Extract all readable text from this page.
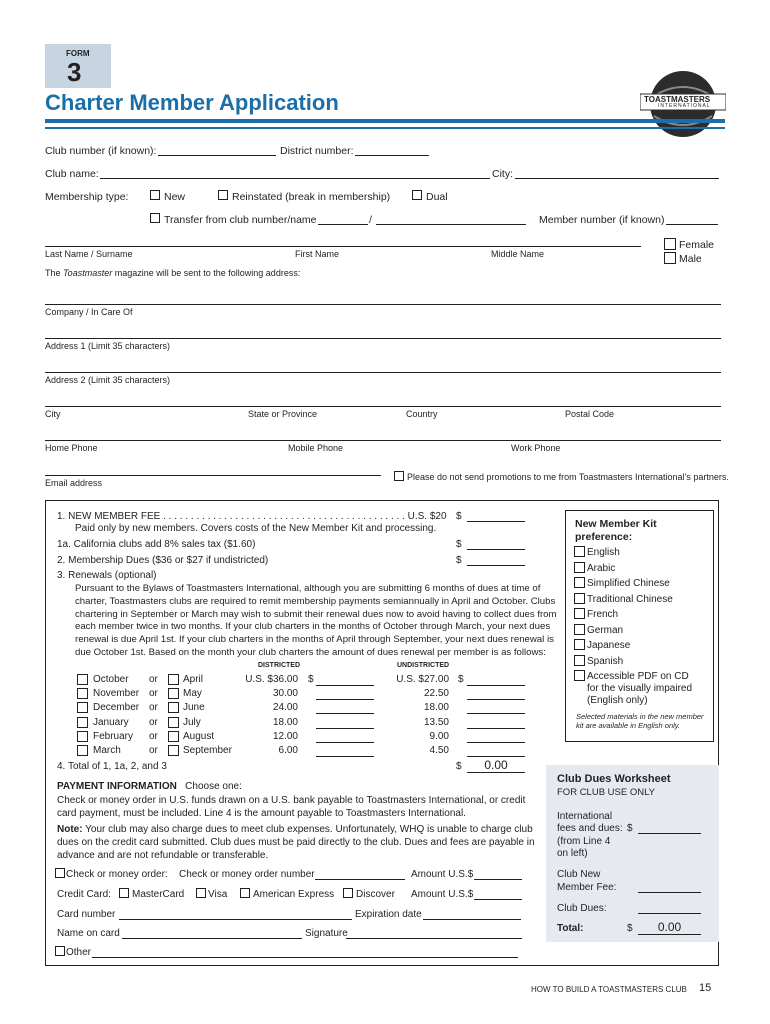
FORM
3
Charter Member Application	TOASTMASTERS
INTERNATIONAL
Club number (if known):	District number:
Club name:	City:
Membership type:	New	Reinstated (break in membership)	Dual
Transfer from club number/name	/	Member number (if known)
Last Name / Surname	First Name	Middle Name
Female
Male
The Toastmaster magazine will be sent to the following address:
Company / In Care Of
Address 1 (Limit 35 characters)
Address 2 (Limit 35 characters)
City	State or Province	Country	Postal Code
Home Phone	Mobile Phone	Work Phone
Email address
Please do not send promotions to me from Toastmasters International’s partners.
1. NEW MEMBER FEE . . . . . . . . . . . . . . . . . . . . . . . . . . . . . . . . . . . . . . . . . . . . U.S. $20 $
Paid only by new members. Covers costs of the New Member Kit and processing.
1a. California clubs add 8% sales tax ($1.60)	$
2. Membership Dues ($36 or $27 if undistricted)	$
3. Renewals (optional)
Pursuant to the Bylaws of Toastmasters International, although you are submitting 6 months of dues at time of charter, Toastmasters clubs are required to remit membership payments semiannually in April and October. Clubs chartering in September or March may wish to submit their renewal dues now to avoid having to collect dues from each member twice in two months. If your club charters in the months of October through March, your next dues renewal is due April 1st. If your club charters in the months of April through September, your next dues renewal is due October 1st. Based on the month your club charters the amount of dues renewal per member is as follows:
DISTRICTED	UNDISTRICTED
October or	April	U.S. $36.00 $	U.S. $27.00 $
November or	May	30.00	22.50
December or	June	24.00	18.00
January or	July	18.00	13.50
February or	August	12.00	9.00
March	or	September	6.00	4.50
4. Total of 1, 1a, 2, and 3	$	0.00
PAYMENT INFORMATION Choose one:
Check or money order in U.S. funds drawn on a U.S. bank payable to Toastmasters International, or credit card payment, must be included. Line 4 is the amount payable to Toastmasters International.
Note: Your club may also charge dues to meet club expenses. Unfortunately, WHQ is unable to charge club dues on the credit card submitted. Club dues must be paid directly to the club. Dues and fees are payable in advance and are not refundable or transferable.
Check or money order: Check or money order number	Amount U.S.$
Credit Card: MasterCard Visa	American Express Discover Amount U.S.$
Card number	Expiration date
Name on card	Signature
Other
New Member Kit
preference:
English
Arabic
Simplified Chinese
Traditional Chinese
French
German
Japanese
Spanish
Accessible PDF on CD
for the visually impaired
(English only)
Selected materials in the new member
kit are available in English only.
Club Dues Worksheet
FOR CLUB USE ONLY
International
fees and dues: $
(from Line 4
on left)
Club New
Member Fee:
Club Dues:
Total:	$	0.00
HOW TO BUILD A TOASTMASTERS CLUB 15
